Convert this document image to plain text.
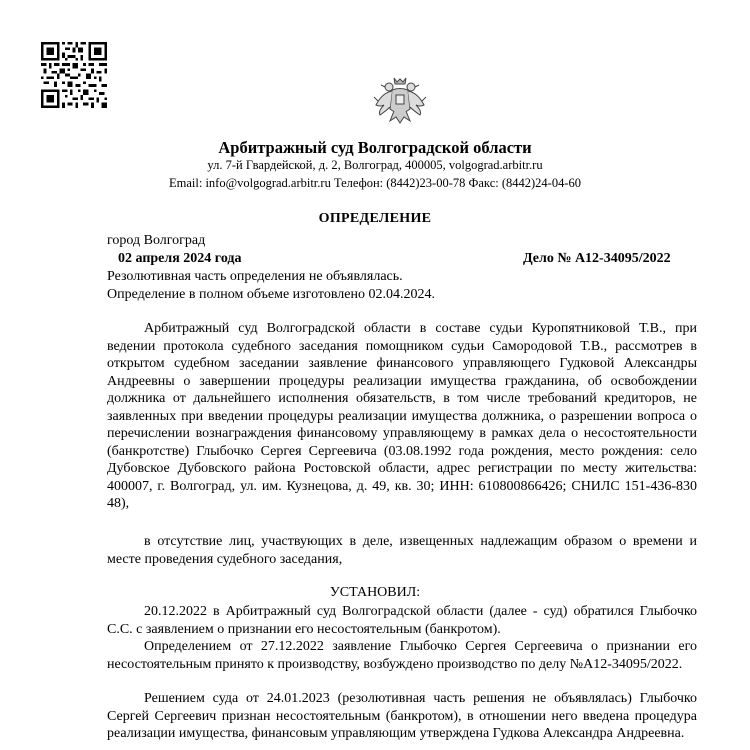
Арбитражный суд Волгоградской области
ул. 7-й Гвардейской, д. 2, Волгоград, 400005, volgograd.arbitr.ru
Email: info@volgograd.arbitr.ru Телефон: (8442)23-00-78 Факс: (8442)24-04-60
ОПРЕДЕЛЕНИЕ
город Волгоград
02 апреля 2024 года	Дело № А12-34095/2022
Резолютивная часть определения не объявлялась.
Определение в полном объеме изготовлено 02.04.2024.

Арбитражный суд Волгоградской области в составе судьи Куропятниковой Т.В., при ведении протокола судебного заседания помощником судьи Самородовой Т.В., рассмотрев в открытом судебном заседании заявление финансового управляющего Гудковой Александры Андреевны о завершении процедуры реализации имущества гражданина, об освобождении должника от дальнейшего исполнения обязательств, в том числе требований кредиторов, не заявленных при введении процедуры реализации имущества должника, о разрешении вопроса о перечислении вознаграждения финансовому управляющему в рамках дела о несостоятельности (банкротстве) Глыбочко Сергея Сергеевича (03.08.1992 года рождения, место рождения: село Дубовское Дубовского района Ростовской области, адрес регистрации по месту жительства: 400007, г. Волгоград, ул. им. Кузнецова, д. 49, кв. 30; ИНН: 610800866426; СНИЛС 151-436-830 48),

в отсутствие лиц, участвующих в деле, извещенных надлежащим образом о времени и месте проведения судебного заседания,

УСТАНОВИЛ:

20.12.2022 в Арбитражный суд Волгоградской области (далее - суд) обратился Глыбочко С.С. с заявлением о признании его несостоятельным (банкротом).

Определением от 27.12.2022 заявление Глыбочко Сергея Сергеевича о признании его несостоятельным принято к производству, возбуждено производство по делу №А12-34095/2022.

Решением суда от 24.01.2023 (резолютивная часть решения не объявлялась) Глыбочко Сергей Сергеевич признан несостоятельным (банкротом), в отношении него введена процедура реализации имущества, финансовым управляющим утверждена Гудкова Александра Андреевна.
